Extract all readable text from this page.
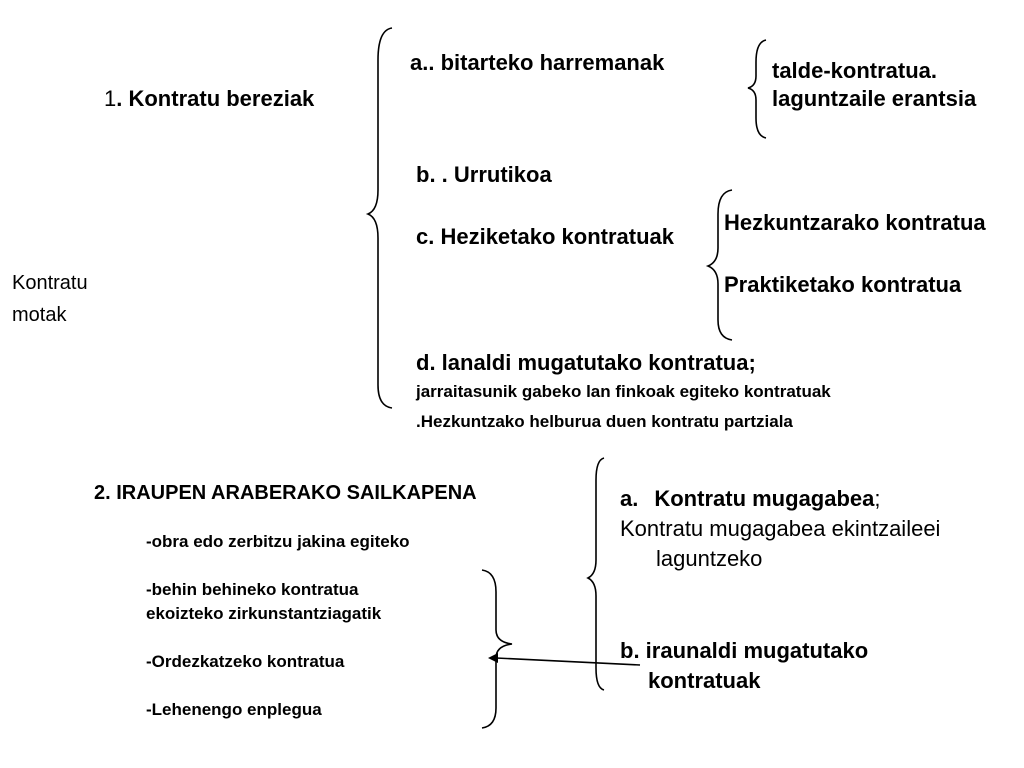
Kontratu
motak
1. Kontratu bereziak
a.. bitarteko harremanak	talde-kontratua.
laguntzaile erantsia
b. . Urrutikoa
c. Heziketako kontratuak
Hezkuntzarako kontratua
Praktiketako kontratua
d. lanaldi mugatutako kontratua;
jarraitasunik gabeko lan finkoak egiteko kontratuak
.Hezkuntzako helburua duen kontratu partziala
2. IRAUPEN ARABERAKO SAILKAPENA
-obra edo zerbitzu jakina egiteko
-behin behineko kontratua
ekoizteko zirkunstantziagatik
-Ordezkatzeko kontratua
-Lehenengo enplegua
a. Kontratu mugagabea;
Kontratu mugagabea ekintzaileei
laguntzeko
b. iraunaldi mugatutako
kontratuak
